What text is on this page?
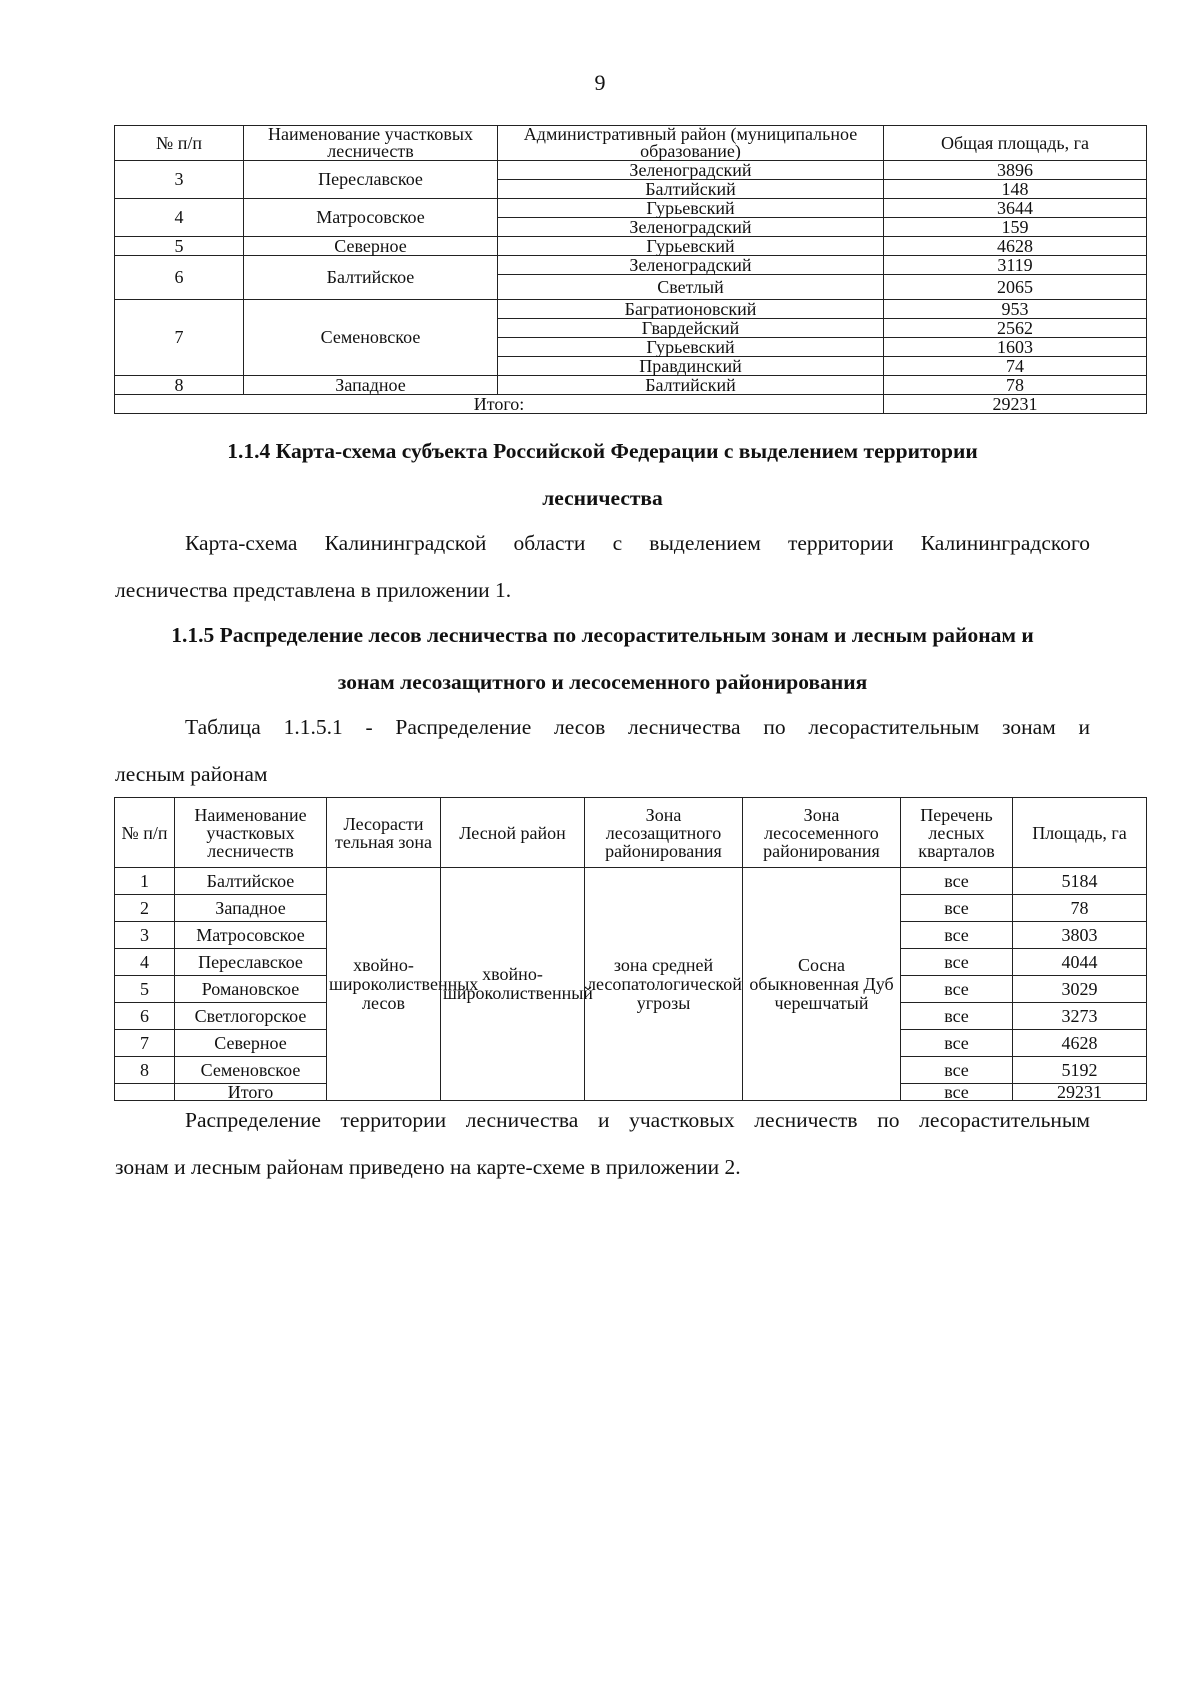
9
№ п/п	Наименование участковых лесничеств	Административный район (муниципальное образование)	Общая площадь, га
3	Переславское	Зеленоградский	3896
		Балтийский	148
4	Матросовское	Гурьевский	3644
		Зеленоградский	159
5	Северное	Гурьевский	4628
6	Балтийское	Зеленоградский	3119
		Светлый	2065
7	Семеновское	Багратионовский	953
		Гвардейский	2562
		Гурьевский	1603
		Правдинский	74
8	Западное	Балтийский	78
Итого:			29231
1.1.4 Карта-схема субъекта Российской Федерации с выделением территории
лесничества
Карта-схема Калининградской области с выделением территории Калининградского
лесничества представлена в приложении 1.
1.1.5 Распределение лесов лесничества по лесорастительным зонам и лесным районам и
зонам лесозащитного и лесосеменного районирования
Таблица 1.1.5.1 - Распределение лесов лесничества по лесорастительным зонам и
лесным районам
№ п/п	Наименование участковых лесничеств	Лесорасти тельная зона	Лесной район	Зона лесозащитного районирования	Зона лесосеменного районирования	Перечень лесных кварталов	Площадь, га
1	Балтийское	хвойно-широколиственных лесов	хвойно-широколиственный	зона средней лесопатологической угрозы	Сосна обыкновенная Дуб черешчатый	все	5184
2	Западное					все	78
3	Матросовское					все	3803
4	Переславское					все	4044
5	Романовское					все	3029
6	Светлогорское					все	3273
7	Северное					все	4628
8	Семеновское					все	5192
	Итого					все	29231
Распределение территории лесничества и участковых лесничеств по лесорастительным
зонам и лесным районам приведено на карте-схеме в приложении 2.
